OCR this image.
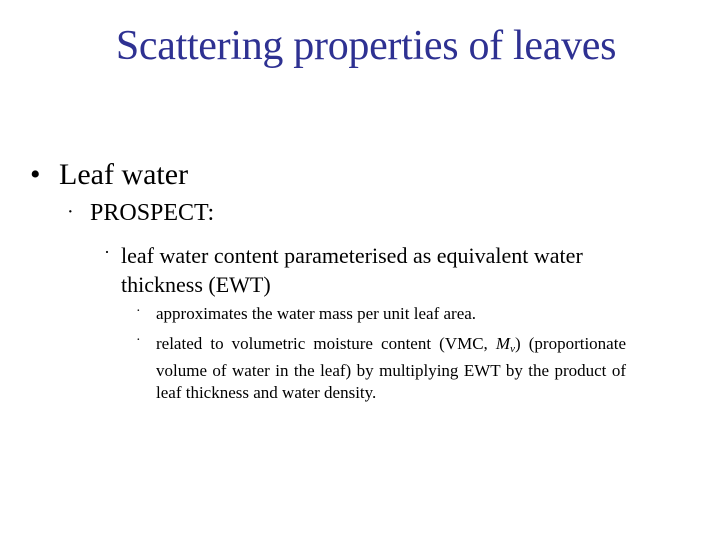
Scattering properties of leaves
• Leaf water
· PROSPECT:
· leaf water content parameterised as equivalent water thickness (EWT)
· approximates the water mass per unit leaf area.
· related to volumetric moisture content (VMC, $M_v$) (proportionate volume of water in the leaf) by multiplying EWT by the product of leaf thickness and water density.
